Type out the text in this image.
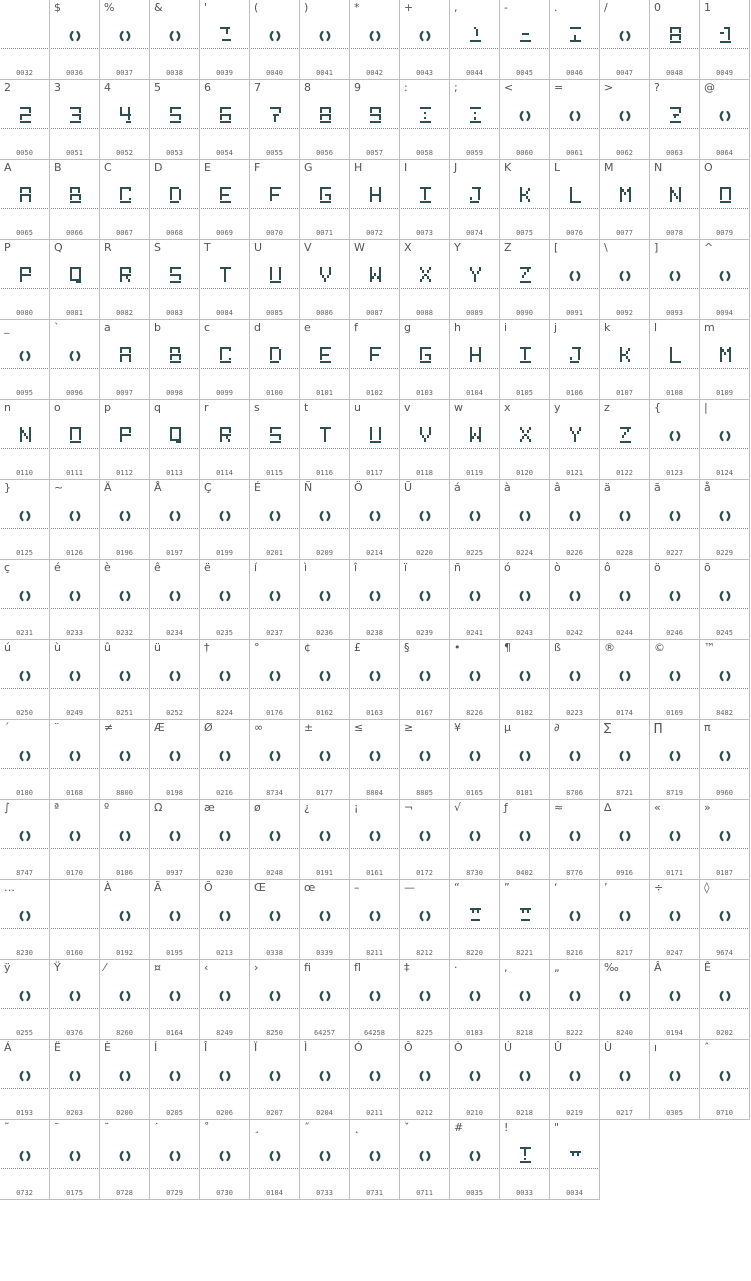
0032
$
0036
%
0037
&
0038
'
0039
(
0040
)
0041
*
0042
+
0043
,
0044
-
0045
.
0046
/
0047
0
0048
1
0049
2
0050
3
0051
4
0052
5
0053
6
0054
7
0055
8
0056
9
0057
:
0058
;
0059
<
0060
=
0061
>
0062
?
0063
@
0064
A
0065
B
0066
C
0067
D
0068
E
0069
F
0070
G
0071
H
0072
I
0073
J
0074
K
0075
L
0076
M
0077
N
0078
O
0079
P
0080
Q
0081
R
0082
S
0083
T
0084
U
0085
V
0086
W
0087
X
0088
Y
0089
Z
0090
[
0091
\
0092
]
0093
^
0094
_
0095
`
0096
a
0097
b
0098
c
0099
d
0100
e
0101
f
0102
g
0103
h
0104
i
0105
j
0106
k
0107
l
0108
m
0109
n
0110
o
0111
p
0112
q
0113
r
0114
s
0115
t
0116
u
0117
v
0118
w
0119
x
0120
y
0121
z
0122
{
0123
|
0124
}
0125
~
0126
Ä
0196
Å
0197
Ç
0199
É
0201
Ñ
0209
Ö
0214
Ü
0220
á
0225
à
0224
â
0226
ä
0228
ã
0227
å
0229
ç
0231
é
0233
è
0232
ê
0234
ë
0235
í
0237
ì
0236
î
0238
ï
0239
ñ
0241
ó
0243
ò
0242
ô
0244
ö
0246
õ
0245
ú
0250
ù
0249
û
0251
ü
0252
†
8224
°
0176
¢
0162
£
0163
§
0167
•
8226
¶
0182
ß
0223
®
0174
©
0169
™
8482
´
0180
¨
0168
≠
8800
Æ
0198
Ø
0216
∞
8734
±
0177
≤
8804
≥
8805
¥
0165
µ
0181
∂
8706
∑
8721
∏
8719
π
0960
∫
8747
ª
0170
º
0186
Ω
0937
æ
0230
ø
0248
¿
0191
¡
0161
¬
0172
√
8730
ƒ
0402
≈
8776
∆
0916
«
0171
»
0187
…
8230	0160
À
0192
Ã
0195
Õ
0213
Œ
0338
œ
0339
–
8211
—
8212
“
8220
”
8221
‘
8216
’
8217
÷
0247
◊
9674
ÿ
0255
Ÿ
0376
⁄
8260
¤
0164
‹
8249
›
8250
ﬁ
64257
ﬂ
64258
‡
8225
·
0183
‚
8218
„
8222
‰
8240
Â
0194
Ê
0202
Á
0193
Ë
0203
È
0200
Í
0205
Î
0206
Ï
0207
Ì
0204
Ó
0211
Ô
0212
Ò
0210
Ú
0218
Û
0219
Ù
0217
ı
0305
ˆ
0710
˜
0732
¯
0175
˘
0728
˙
0729
˚
0730
¸
0184
˝
0733
˛
0731
ˇ
0711
#
0035
!
0033
"
0034
